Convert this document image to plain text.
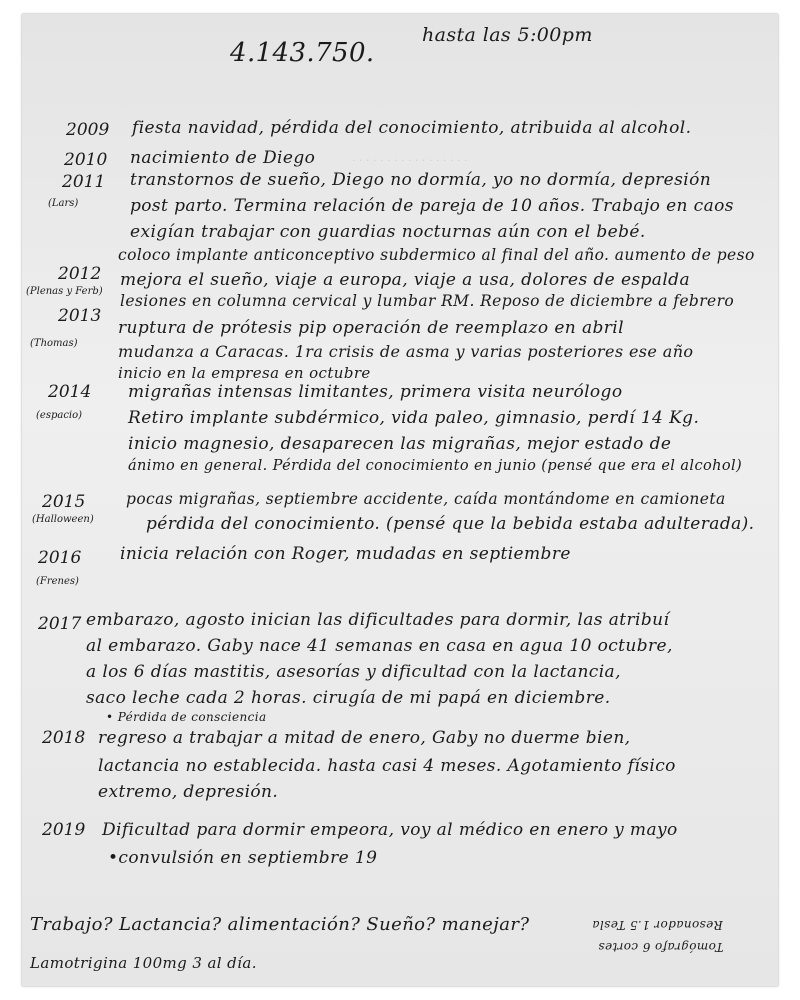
· · · · · · · · · · · · · · · · ·
4.143.750.
hasta las 5:00pm
2009 fiesta navidad, pérdida del conocimiento, atribuida al alcohol.
2010 nacimiento de Diego
2011
(Lars)
transtornos de sueño, Diego no dormía, yo no dormía, depresión
post parto. Termina relación de pareja de 10 años. Trabajo en caos
exigían trabajar con guardias nocturnas aún con el bebé.
coloco implante anticonceptivo subdermico al final del año. aumento de peso
2012
(Plenas y Ferb)
mejora el sueño, viaje a europa, viaje a usa, dolores de espalda
lesiones en columna cervical y lumbar RM. Reposo de diciembre a febrero
2013
(Thomas)
ruptura de prótesis pip operación de reemplazo en abril
mudanza a Caracas. 1ra crisis de asma y varias posteriores ese año
inicio en la empresa en octubre
2014
(espacio)
migrañas intensas limitantes, primera visita neurólogo
Retiro implante subdérmico, vida paleo, gimnasio, perdí 14 Kg.
inicio magnesio, desaparecen las migrañas, mejor estado de
ánimo en general. Pérdida del conocimiento en junio (pensé que era el alcohol)
2015
(Halloween)
pocas migrañas, septiembre accidente, caída montándome en camioneta
pérdida del conocimiento. (pensé que la bebida estaba adulterada).
2016
(Frenes)
inicia relación con Roger, mudadas en septiembre
2017 embarazo, agosto inician las dificultades para dormir, las atribuí
al embarazo. Gaby nace 41 semanas en casa en agua 10 octubre,
a los 6 días mastitis, asesorías y dificultad con la lactancia,
saco leche cada 2 horas. cirugía de mi papá en diciembre.
• Pérdida de consciencia
2018 regreso a trabajar a mitad de enero, Gaby no duerme bien,
lactancia no establecida. hasta casi 4 meses. Agotamiento físico
extremo, depresión.
2019 Dificultad para dormir empeora, voy al médico en enero y mayo
•convulsión en septiembre 19
Trabajo? Lactancia? alimentación? Sueño? manejar?
Lamotrigina 100mg 3 al día.
Resonador 1.5 Tesla
Tomógrafo 6 cortes
